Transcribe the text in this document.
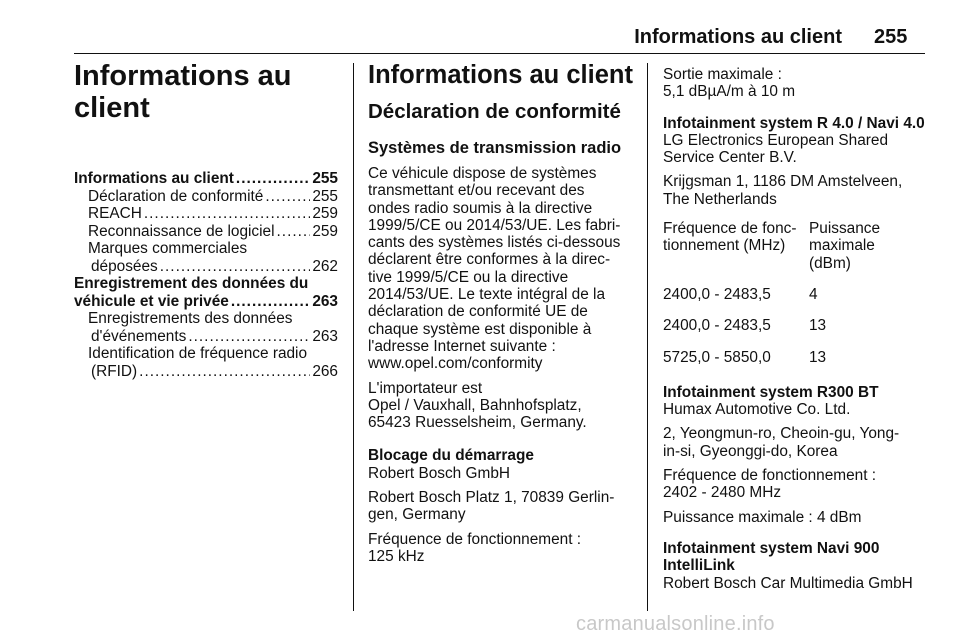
Informations au client 255
Informations au
client
Informations au client .....	255
Déclaration de conformité .....	255
REACH .....	259
Reconnaissance de logiciel ..... 259
Marques commerciales
déposées .....	262
Enregistrement des données du
véhicule et vie privée .....	263
Enregistrements des données
d'événements .....	263
Identification de fréquence radio
(RFID) .....	266
Informations au client
Déclaration de conformité
Systèmes de transmission radio

Ce véhicule dispose de systèmes
transmettant et/ou recevant des
ondes radio soumis à la directive
1999/5/CE ou 2014/53/UE. Les fabri-
cants des systèmes listés ci-dessous
déclarent être conformes à la direc-
tive 1999/5/CE ou la directive
2014/53/UE. Le texte intégral de la
déclaration de conformité UE de
chaque système est disponible à
l'adresse Internet suivante :
www.opel.com/conformity

L'importateur est
Opel / Vauxhall, Bahnhofsplatz,
65423 Ruesselsheim, Germany.

Blocage du démarrage

Robert Bosch GmbH

Robert Bosch Platz 1, 70839 Gerlin-
gen, Germany

Fréquence de fonctionnement :
125 kHz

Sortie maximale :
5,1 dBµA/m à 10 m

Infotainment system R 4.0 / Navi 4.0

LG Electronics European Shared
Service Center B.V.

Krijgsman 1, 1186 DM Amstelveen,
The Netherlands

Fréquence de fonc-
tionnement (MHz)	Puissance
maximale
(dBm)
2400,0 - 2483,5	4
2400,0 - 2483,5	13
5725,0 - 5850,0	13
Infotainment system R300 BT

Humax Automotive Co. Ltd.

2, Yeongmun-ro, Cheoin-gu, Yong-
in-si, Gyeonggi-do, Korea

Fréquence de fonctionnement :
2402 - 2480 MHz

Puissance maximale : 4 dBm

Infotainment system Navi 900
IntelliLink

Robert Bosch Car Multimedia GmbH

carmanualsonline.info
